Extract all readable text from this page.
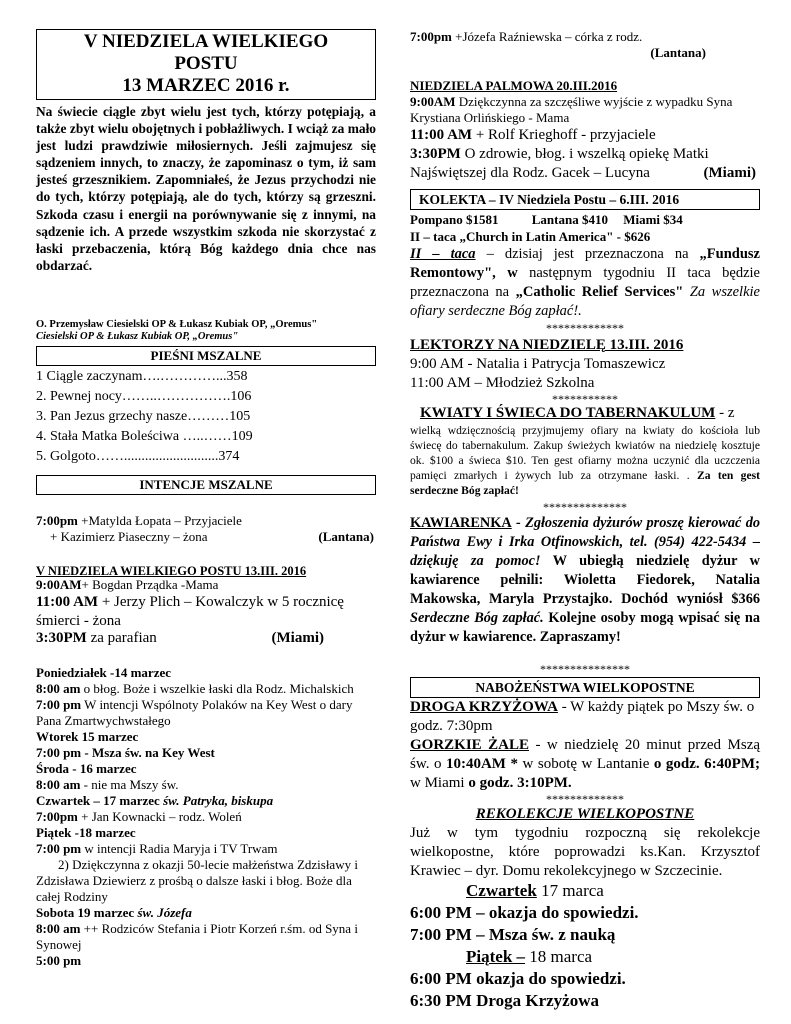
V NIEDZIELA WIELKIEGO
POSTU
13 MARZEC 2016 r.
Na świecie ciągle zbyt wielu jest tych, którzy potępiają, a także zbyt wielu obojętnych i pobłażliwych. I wciąż za mało jest ludzi prawdziwie miłosiernych. Jeśli zajmujesz się sądzeniem innych, to znaczy, że zapominasz o tym, iż sam jesteś grzesznikiem. Zapomniałeś, że Jezus przychodzi nie do tych, którzy potępiają, ale do tych, którzy są grzeszni. Szkoda czasu i energii na porównywanie się z innymi, na sądzenie ich. A przede wszystkim szkoda nie skorzystać z łaski przebaczenia, którą Bóg każdego dnia chce nas obdarzać.
O. Przemysław Ciesielski OP & Łukasz Kubiak OP, „Oremus"
Ciesielski OP & Łukasz Kubiak OP, „Oremus"
PIEŚNI MSZALNE
1 Ciągle zaczynam….…………...358
2. Pewnej nocy……..…………….106
3. Pan Jezus grzechy nasze………105
4. Stała Matka Boleściwa …..……109
5. Golgoto……...........................374
INTENCJE MSZALNE
7:00pm +Matylda Łopata – Przyjaciele
+ Kazimierz Piaseczny – żona	(Lantana)
V NIEDZIELA WIELKIEGO POSTU 13.III. 2016
9:00AM+ Bogdan Prządka -Mama
11:00 AM + Jerzy Plich – Kowalczyk w 5 rocznicę śmierci - żona
3:30PM za parafian	(Miami)
Poniedziałek -14 marzec
8:00 am o błog. Boże i wszelkie łaski dla Rodz. Michalskich
7:00 pm W intencji Wspólnoty Polaków na Key West o dary Pana Zmartwychwstałego
Wtorek 15 marzec
7:00 pm - Msza św. na Key West
Środa - 16 marzec
8:00 am - nie ma Mszy św.
Czwartek – 17 marzec św. Patryka, biskupa
7:00pm + Jan Kownacki – rodz. Woleń
Piątek -18 marzec
7:00 pm w intencji Radia Maryja i TV Trwam
2) Dziękczynna z okazji 50-lecie małżeństwa Zdzisławy i Zdzisława Dziewierz z prośbą o dalsze łaski i błog. Boże dla całej Rodziny
Sobota 19 marzec św. Józefa
8:00 am ++ Rodziców Stefania i Piotr Korzeń r.śm. od Syna i Synowej
5:00 pm
7:00pm +Józefa Raźniewska – córka z rodz.
(Lantana)
NIEDZIELA PALMOWA 20.III.2016
9:00AM Dziękczynna za szczęśliwe wyjście z wypadku Syna Krystiana Orlińskiego - Mama
11:00 AM + Rolf Krieghoff - przyjaciele
3:30PM O zdrowie, błog. i wszelką opiekę Matki Najświętszej dla Rodz. Gacek – Lucyna	(Miami)
KOLEKTA – IV Niedziela Postu – 6.III. 2016
Pompano $1581	Lantana $410 Miami $34
II – taca „Church in Latin America" - $626
II – taca – dzisiaj jest przeznaczona na „Fundusz Remontowy", w następnym tygodniu II taca będzie przeznaczona na „Catholic Relief Services" Za wszelkie ofiary serdeczne Bóg zapłać!.
*************
LEKTORZY NA NIEDZIELĘ 13.III. 2016
9:00 AM - Natalia i Patrycja Tomaszewicz
11:00 AM – Młodzież Szkolna
***********
KWIATY I ŚWIECA DO TABERNAKULUM - z
wielką wdzięcznością przyjmujemy ofiary na kwiaty do kościoła lub świecę do tabernakulum. Zakup świeżych kwiatów na niedzielę kosztuje ok. $100 a świeca $10. Ten gest ofiarny można uczynić dla uczczenia pamięci zmarłych i żywych lub za otrzymane łaski. . Za ten gest serdeczne Bóg zapłać!
**************
KAWIARENKA - Zgłoszenia dyżurów proszę kierować do Państwa Ewy i Irka Otfinowskich, tel. (954) 422-5434 – dziękuję za pomoc! W ubiegłą niedzielę dyżur w kawiarence pełnili: Wioletta Fiedorek, Natalia Makowska, Maryla Przystajko. Dochód wyniósł $366 Serdeczne Bóg zapłać. Kolejne osoby mogą wpisać się na dyżur w kawiarence. Zapraszamy!
***************
NABOŻEŃSTWA WIELKOPOSTNE
DROGA KRZYŻOWA - W każdy piątek po Mszy św. o godz. 7:30pm
GORZKIE ŻALE - w niedzielę 20 minut przed Mszą św. o 10:40AM * w sobotę w Lantanie o godz. 6:40PM; w Miami o godz. 3:10PM.
*************
REKOLEKCJE WIELKOPOSTNE
Już w tym tygodniu rozpoczną się rekolekcje wielkopostne, które poprowadzi ks.Kan. Krzysztof Krawiec – dyr. Domu rekolekcyjnego w Szczecinie.
Czwartek 17 marca
6:00 PM – okazja do spowiedzi.
7:00 PM – Msza św. z nauką
Piątek – 18 marca
6:00 PM okazja do spowiedzi.
6:30 PM Droga Krzyżowa
